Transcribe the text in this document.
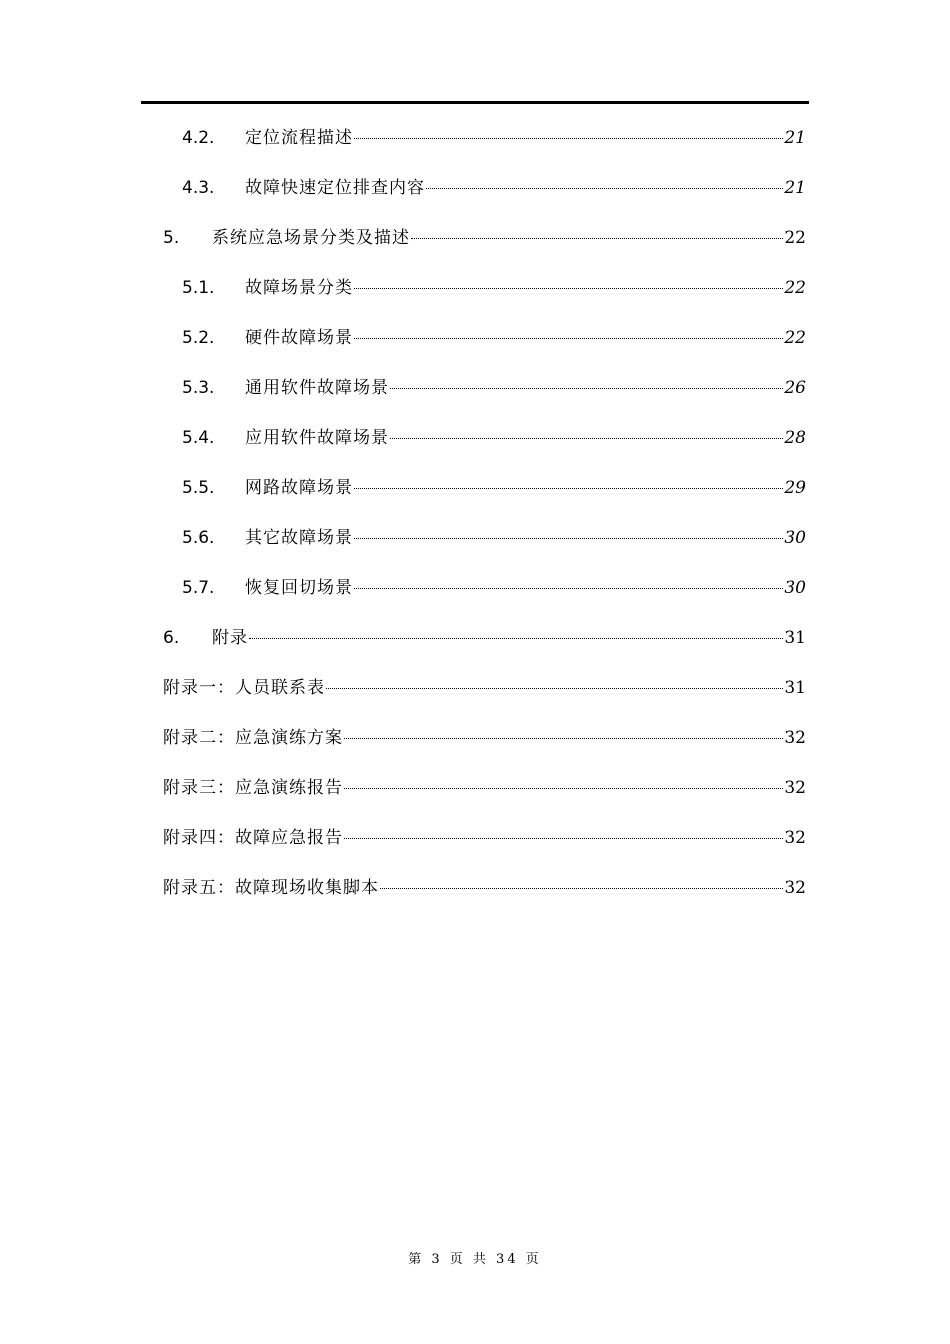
4.2.	定位流程描述	21
4.3.	故障快速定位排查内容	21
5.	系统应急场景分类及描述	22
5.1.	故障场景分类	22
5.2.	硬件故障场景	22
5.3.	通用软件故障场景	26
5.4.	应用软件故障场景	28
5.5.	网路故障场景	29
5.6.	其它故障场景	30
5.7.	恢复回切场景	30
6.	附录	31
附录一：人员联系表	31
附录二：应急演练方案	32
附录三：应急演练报告	32
附录四：故障应急报告	32
附录五：故障现场收集脚本	32
第 3 页 共 34 页
